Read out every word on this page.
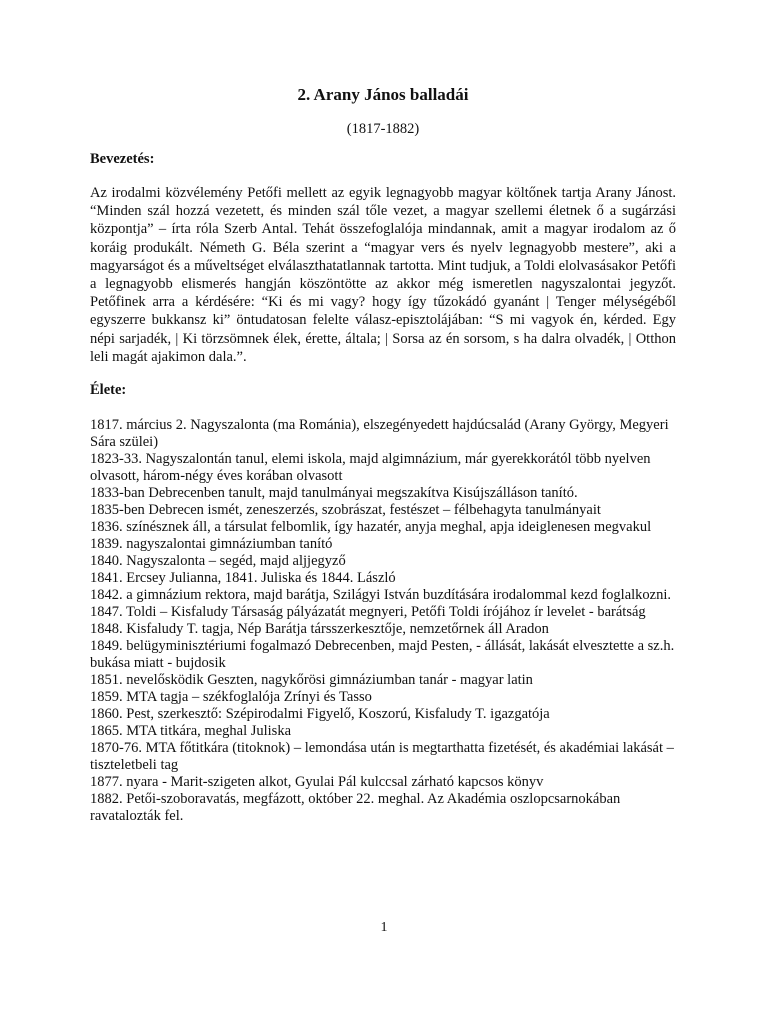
2. Arany János balladái
(1817-1882)
Bevezetés:
Az irodalmi közvélemény Petőfi mellett az egyik legnagyobb magyar költőnek tartja Arany Jánost. “Minden szál hozzá vezetett, és minden szál tőle vezet, a magyar szellemi életnek ő a sugárzási központja” – írta róla Szerb Antal. Tehát összefoglalója mindannak, amit a magyar irodalom az ő koráig produkált. Németh G. Béla szerint a “magyar vers és nyelv legnagyobb mestere”, aki a magyarságot és a műveltséget elválaszthatatlannak tartotta. Mint tudjuk, a Toldi elolvasásakor Petőfi a legnagyobb elismerés hangján köszöntötte az akkor még ismeretlen nagyszalontai jegyzőt. Petőfinek arra a kérdésére: “Ki és mi vagy? hogy így tűzokádó gyanánt | Tenger mélységéből egyszerre bukkansz ki” öntudatosan felelte válasz-episztolájában: “S mi vagyok én, kérded. Egy népi sarjadék, | Ki törzsömnek élek, érette, általa; | Sorsa az én sorsom, s ha dalra olvadék, | Otthon leli magát ajakimon dala.”.
Élete:
1817. március 2. Nagyszalonta (ma Románia), elszegényedett hajdúcsalád (Arany György, Megyeri Sára szülei)
1823-33. Nagyszalontán tanul, elemi iskola, majd algimnázium, már gyerekkorától több nyelven olvasott, három-négy éves korában olvasott
1833-ban Debrecenben tanult, majd tanulmányai megszakítva Kisújszálláson tanító.
1835-ben Debrecen ismét, zeneszerzés, szobrászat, festészet – félbehagyta tanulmányait
1836. színésznek áll, a társulat felbomlik, így hazatér, anyja meghal, apja ideiglenesen megvakul
1839. nagyszalontai gimnáziumban tanító
1840. Nagyszalonta – segéd, majd aljjegyző
1841. Ercsey Julianna, 1841. Juliska és 1844. László
1842. a gimnázium rektora, majd barátja, Szilágyi István buzdítására irodalommal kezd foglalkozni.
1847. Toldi – Kisfaludy Társaság pályázatát megnyeri, Petőfi Toldi írójához ír levelet - barátság
1848. Kisfaludy T. tagja, Nép Barátja társszerkesztője, nemzetőrnek áll Aradon
1849. belügyminisztériumi fogalmazó Debrecenben, majd Pesten, - állását, lakását elvesztette a sz.h. bukása miatt - bujdosik
1851. nevelősködik Geszten, nagykőrösi gimnáziumban tanár - magyar latin
1859. MTA tagja – székfoglalója Zrínyi és Tasso
1860. Pest, szerkesztő: Szépirodalmi Figyelő, Koszorú, Kisfaludy T. igazgatója
1865. MTA titkára, meghal Juliska
1870-76. MTA főtitkára (titoknok) – lemondása után is megtarthatta fizetését, és akadémiai lakását – tiszteletbeli tag
1877. nyara - Marit-szigeten alkot, Gyulai Pál kulccsal zárható kapcsos könyv
1882. Petői-szoboravatás, megfázott, október 22. meghal. Az Akadémia oszlopcsarnokában ravatalozták fel.
1
